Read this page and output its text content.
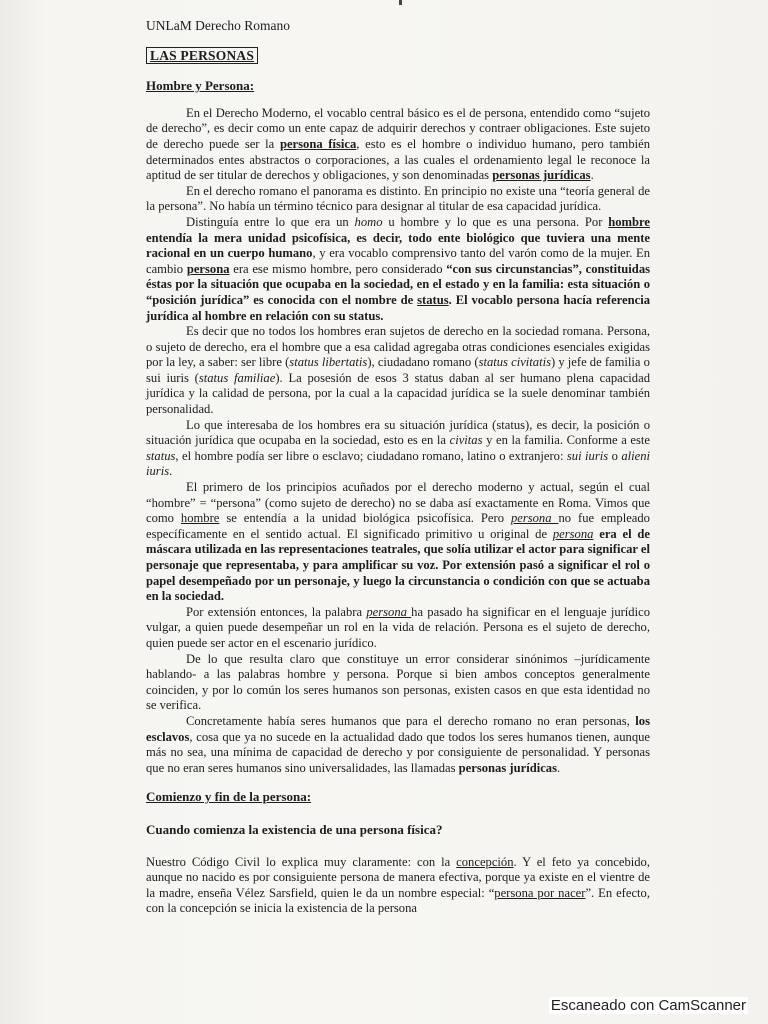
UNLaM Derecho Romano
LAS PERSONAS
Hombre y Persona:

En el Derecho Moderno, el vocablo central básico es el de persona, entendido como “sujeto de derecho”, es decir como un ente capaz de adquirir derechos y contraer obligaciones. Este sujeto de derecho puede ser la persona física, esto es el hombre o individuo humano, pero también determinados entes abstractos o corporaciones, a las cuales el ordenamiento legal le reconoce la aptitud de ser titular de derechos y obligaciones, y son denominadas personas jurídicas.

En el derecho romano el panorama es distinto. En principio no existe una “teoría general de la persona”. No había un término técnico para designar al titular de esa capacidad jurídica.

Distinguía entre lo que era un homo u hombre y lo que es una persona. Por hombre entendía la mera unidad psicofísica, es decir, todo ente biológico que tuviera una mente racional en un cuerpo humano, y era vocablo comprensivo tanto del varón como de la mujer. En cambio persona era ese mismo hombre, pero considerado “con sus circunstancias”, constituidas éstas por la situación que ocupaba en la sociedad, en el estado y en la familia: esta situación o “posición jurídica” es conocida con el nombre de status. El vocablo persona hacía referencia jurídica al hombre en relación con su status.

Es decir que no todos los hombres eran sujetos de derecho en la sociedad romana. Persona, o sujeto de derecho, era el hombre que a esa calidad agregaba otras condiciones esenciales exigidas por la ley, a saber: ser libre (status libertatis), ciudadano romano (status civitatis) y jefe de familia o sui iuris (status familiae). La posesión de esos 3 status daban al ser humano plena capacidad jurídica y la calidad de persona, por la cual a la capacidad jurídica se la suele denominar también personalidad.

Lo que interesaba de los hombres era su situación jurídica (status), es decir, la posición o situación jurídica que ocupaba en la sociedad, esto es en la civitas y en la familia. Conforme a este status, el hombre podía ser libre o esclavo; ciudadano romano, latino o extranjero: sui iuris o alieni iuris.

El primero de los principios acuñados por el derecho moderno y actual, según el cual “hombre” = “persona” (como sujeto de derecho) no se daba así exactamente en Roma. Vimos que como hombre se entendía a la unidad biológica psicofísica. Pero persona no fue empleado específicamente en el sentido actual. El significado primitivo u original de persona era el de máscara utilizada en las representaciones teatrales, que solía utilizar el actor para significar el personaje que representaba, y para amplificar su voz. Por extensión pasó a significar el rol o papel desempeñado por un personaje, y luego la circunstancia o condición con que se actuaba en la sociedad.

Por extensión entonces, la palabra persona ha pasado ha significar en el lenguaje jurídico vulgar, a quien puede desempeñar un rol en la vida de relación. Persona es el sujeto de derecho, quien puede ser actor en el escenario jurídico.

De lo que resulta claro que constituye un error considerar sinónimos –jurídicamente hablando- a las palabras hombre y persona. Porque si bien ambos conceptos generalmente coinciden, y por lo común los seres humanos son personas, existen casos en que esta identidad no se verifica.

Concretamente había seres humanos que para el derecho romano no eran personas, los esclavos, cosa que ya no sucede en la actualidad dado que todos los seres humanos tienen, aunque más no sea, una mínima de capacidad de derecho y por consiguiente de personalidad. Y personas que no eran seres humanos sino universalidades, las llamadas personas jurídicas.

Comienzo y fin de la persona:
Cuando comienza la existencia de una persona física?

Nuestro Código Civil lo explica muy claramente: con la concepción. Y el feto ya concebido, aunque no nacido es por consiguiente persona de manera efectiva, porque ya existe en el vientre de la madre, enseña Vélez Sarsfield, quien le da un nombre especial: “persona por nacer”. En efecto, con la concepción se inicia la existencia de la persona

Escaneado con CamScanner
